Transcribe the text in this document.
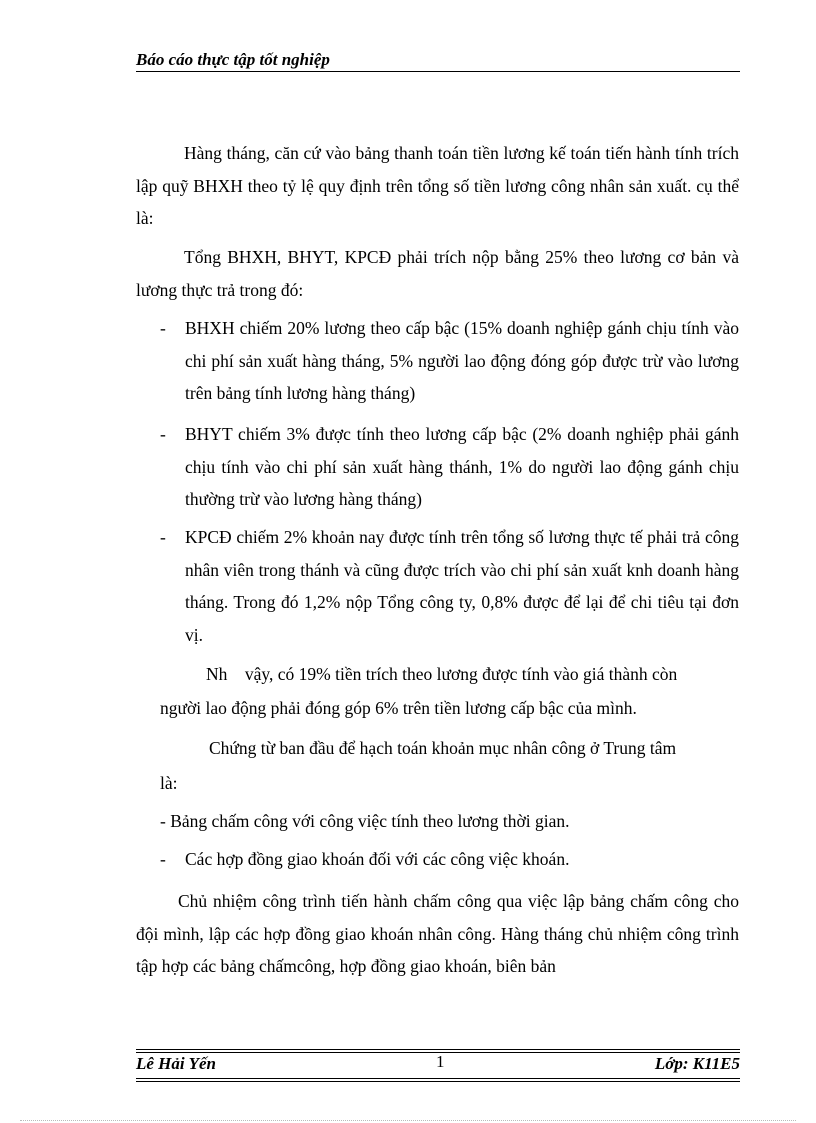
Báo cáo thực tập tốt nghiệp

Hàng tháng, căn cứ vào bảng thanh toán tiền lương kế toán tiến hành tính trích lập quỹ BHXH theo tỷ lệ quy định trên tổng số tiền lương công nhân sản xuất. cụ thể là:

Tổng BHXH, BHYT, KPCĐ phải trích nộp bằng 25% theo lương cơ bản và lương thực trả trong đó:

- BHXH chiếm 20% lương theo cấp bậc (15% doanh nghiệp gánh chịu tính vào chi phí sản xuất hàng tháng, 5% người lao động đóng góp được trừ vào lương trên bảng tính lương hàng tháng)
- BHYT chiếm 3% được tính theo lương cấp bậc (2% doanh nghiệp phải gánh chịu tính vào chi phí sản xuất hàng thánh, 1% do người lao động gánh chịu thường trừ vào lương hàng tháng)
- KPCĐ chiếm 2% khoản nay được tính trên tổng số lương thực tế phải trả công nhân viên trong thánh và cũng được trích vào chi phí sản xuất knh doanh hàng tháng. Trong đó 1,2% nộp Tổng công ty, 0,8% được để lại để chi tiêu tại đơn vị.

Nh    vậy, có 19% tiền trích theo lương được tính vào giá thành còn

người lao động phải đóng góp 6% trên tiền lương cấp bậc của mình.

Chứng từ ban đầu để hạch toán khoản mục nhân công ở Trung tâm

là:

- Bảng chấm công với công việc tính theo lương thời gian.

- Các hợp đồng giao khoán đối với các công việc khoán.

Chủ nhiệm công trình tiến hành chấm công qua việc lập bảng chấm công cho đội mình, lập các hợp đồng giao khoán nhân công. Hàng tháng chủ nhiệm công trình tập hợp các bảng chấmcông, hợp đồng giao khoán, biên bản

Lê Hải Yến	1	Lớp: K11E5
